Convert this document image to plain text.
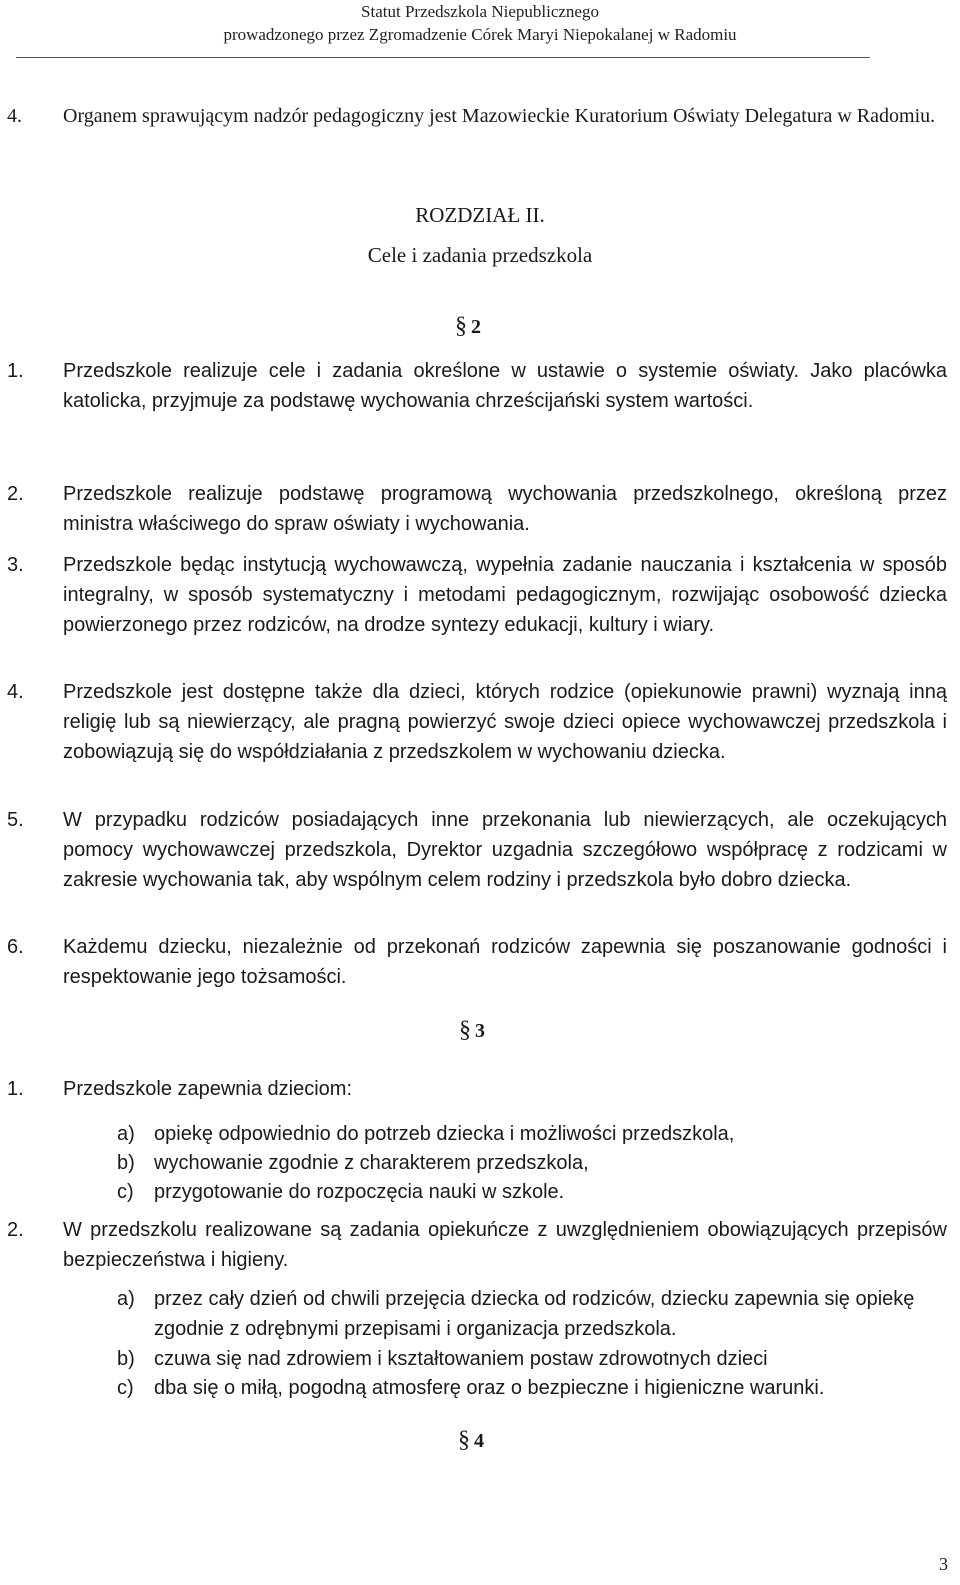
Statut Przedszkola Niepublicznego
prowadzonego przez Zgromadzenie Córek Maryi Niepokalanej w Radomiu
4. Organem sprawującym nadzór pedagogiczny jest Mazowieckie Kuratorium Oświaty Delegatura w Radomiu.
ROZDZIAŁ II.
Cele i zadania przedszkola
§ 2
1. Przedszkole realizuje cele i zadania określone w ustawie o systemie oświaty. Jako placówka katolicka, przyjmuje za podstawę wychowania chrześcijański system wartości.
2. Przedszkole realizuje podstawę programową wychowania przedszkolnego, określoną przez ministra właściwego do spraw oświaty i wychowania.
3. Przedszkole będąc instytucją wychowawczą, wypełnia zadanie nauczania i kształcenia w sposób integralny, w sposób systematyczny i metodami pedagogicznym, rozwijając osobowość dziecka powierzonego przez rodziców, na drodze syntezy edukacji, kultury i wiary.
4. Przedszkole jest dostępne także dla dzieci, których rodzice (opiekunowie prawni) wyznają inną religię lub są niewierzący, ale pragną powierzyć swoje dzieci opiece wychowawczej przedszkola i zobowiązują się do współdziałania z przedszkolem w wychowaniu dziecka.
5. W przypadku rodziców posiadających inne przekonania lub niewierzących, ale oczekujących pomocy wychowawczej przedszkola, Dyrektor uzgadnia szczegółowo współpracę z rodzicami w zakresie wychowania tak, aby wspólnym celem rodziny i przedszkola było dobro dziecka.
6. Każdemu dziecku, niezależnie od przekonań rodziców zapewnia się poszanowanie godności i respektowanie jego tożsamości.
§ 3
1. Przedszkole zapewnia dzieciom:
a) opiekę odpowiednio do potrzeb dziecka i możliwości przedszkola,
b) wychowanie zgodnie z charakterem przedszkola,
c) przygotowanie do rozpoczęcia nauki w szkole.
2. W przedszkolu realizowane są zadania opiekuńcze z uwzględnieniem obowiązujących przepisów bezpieczeństwa i higieny.
a) przez cały dzień od chwili przejęcia dziecka od rodziców, dziecku zapewnia się opiekę zgodnie z odrębnymi przepisami i organizacja przedszkola.
b) czuwa się nad zdrowiem i kształtowaniem postaw zdrowotnych dzieci
c) dba się o miłą, pogodną atmosferę oraz o bezpieczne i higieniczne warunki.
§ 4
3
